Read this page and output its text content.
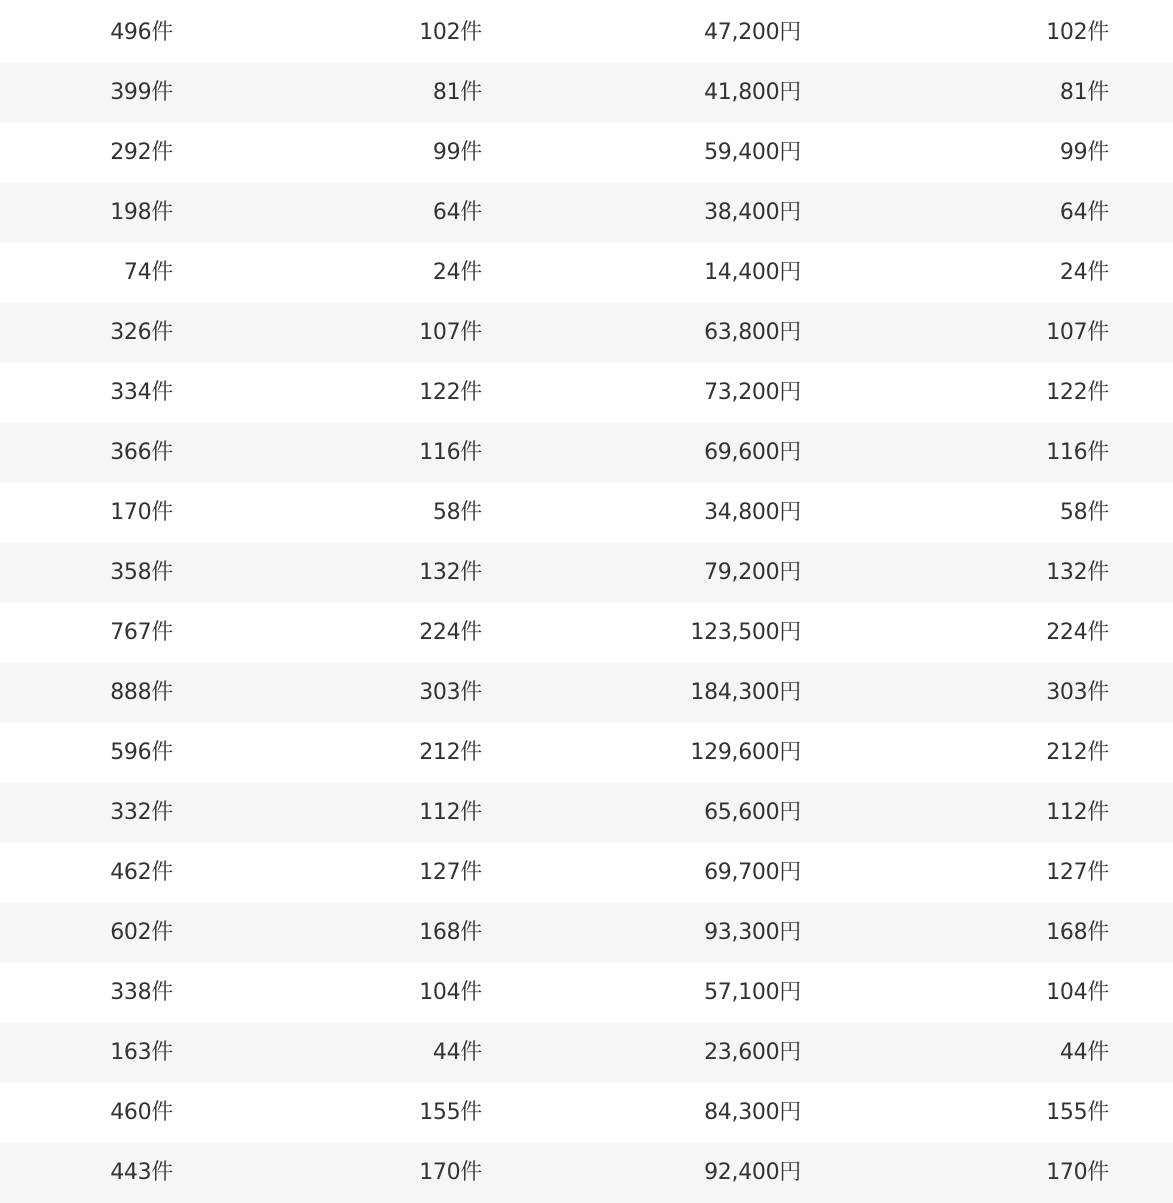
496件	102件	47,200円	102件
399件	81件	41,800円	81件
292件	99件	59,400円	99件
198件	64件	38,400円	64件
74件	24件	14,400円	24件
326件	107件	63,800円	107件
334件	122件	73,200円	122件
366件	116件	69,600円	116件
170件	58件	34,800円	58件
358件	132件	79,200円	132件
767件	224件	123,500円	224件
888件	303件	184,300円	303件
596件	212件	129,600円	212件
332件	112件	65,600円	112件
462件	127件	69,700円	127件
602件	168件	93,300円	168件
338件	104件	57,100円	104件
163件	44件	23,600円	44件
460件	155件	84,300円	155件
443件	170件	92,400円	170件
